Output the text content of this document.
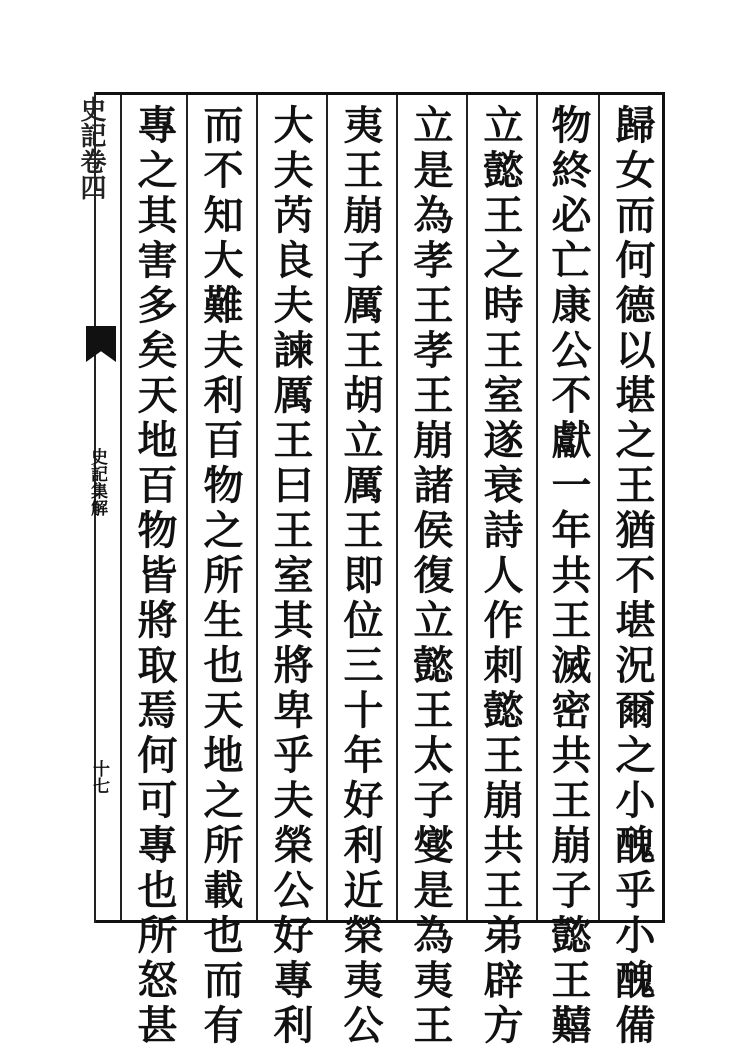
歸女而何德以堪之王猶不堪況爾之小醜乎小醜備
物終必亡康公不獻一年共王滅密共王崩子懿王囏
立懿王之時王室遂衰詩人作刺懿王崩共王弟辟方
立是為孝王孝王崩諸侯復立懿王太子燮是為夷王
夷王崩子厲王胡立厲王即位三十年好利近榮夷公
大夫芮良夫諫厲王曰王室其將卑乎夫榮公好專利
而不知大難夫利百物之所生也天地之所載也而有
專之其害多矣天地百物皆將取焉何可專也所怒甚
史記卷四
史記集解
十七
